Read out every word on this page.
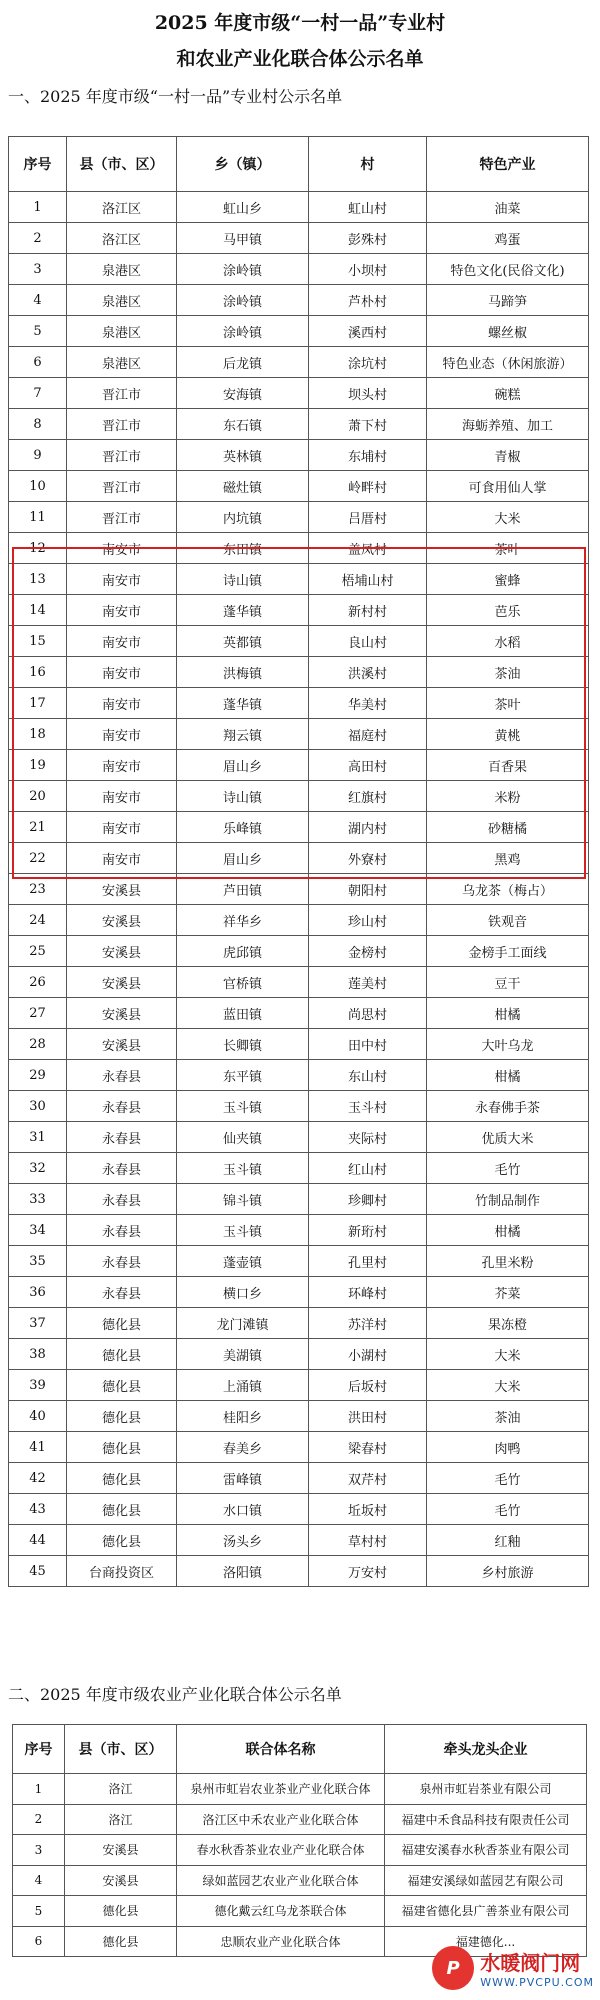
2025 年度市级“一村一品”专业村
和农业产业化联合体公示名单
一、2025 年度市级“一村一品”专业村公示名单
序号	县（市、区）	乡（镇）	村	特色产业
1	洛江区	虹山乡	虹山村	油菜
2	洛江区	马甲镇	彭殊村	鸡蛋
3	泉港区	涂岭镇	小坝村	特色文化(民俗文化)
4	泉港区	涂岭镇	芦朴村	马蹄笋
5	泉港区	涂岭镇	溪西村	螺丝椒
6	泉港区	后龙镇	涂坑村	特色业态（休闲旅游）
7	晋江市	安海镇	坝头村	碗糕
8	晋江市	东石镇	萧下村	海蛎养殖、加工
9	晋江市	英林镇	东埔村	青椒
10	晋江市	磁灶镇	岭畔村	可食用仙人掌
11	晋江市	内坑镇	吕厝村	大米
12	南安市	东田镇	盖凤村	茶叶
13	南安市	诗山镇	梧埔山村	蜜蜂
14	南安市	蓬华镇	新村村	芭乐
15	南安市	英都镇	良山村	水稻
16	南安市	洪梅镇	洪溪村	茶油
17	南安市	蓬华镇	华美村	茶叶
18	南安市	翔云镇	福庭村	黄桃
19	南安市	眉山乡	高田村	百香果
20	南安市	诗山镇	红旗村	米粉
21	南安市	乐峰镇	湖内村	砂糖橘
22	南安市	眉山乡	外寮村	黑鸡
23	安溪县	芦田镇	朝阳村	乌龙茶（梅占）
24	安溪县	祥华乡	珍山村	铁观音
25	安溪县	虎邱镇	金榜村	金榜手工面线
26	安溪县	官桥镇	莲美村	豆干
27	安溪县	蓝田镇	尚思村	柑橘
28	安溪县	长卿镇	田中村	大叶乌龙
29	永春县	东平镇	东山村	柑橘
30	永春县	玉斗镇	玉斗村	永春佛手茶
31	永春县	仙夹镇	夹际村	优质大米
32	永春县	玉斗镇	红山村	毛竹
33	永春县	锦斗镇	珍卿村	竹制品制作
34	永春县	玉斗镇	新珩村	柑橘
35	永春县	蓬壶镇	孔里村	孔里米粉
36	永春县	横口乡	环峰村	芥菜
37	德化县	龙门滩镇	苏洋村	果冻橙
38	德化县	美湖镇	小湖村	大米
39	德化县	上涌镇	后坂村	大米
40	德化县	桂阳乡	洪田村	茶油
41	德化县	春美乡	梁春村	肉鸭
42	德化县	雷峰镇	双芹村	毛竹
43	德化县	水口镇	坵坂村	毛竹
44	德化县	汤头乡	草村村	红釉
45	台商投资区	洛阳镇	万安村	乡村旅游
二、2025 年度市级农业产业化联合体公示名单
序号	县（市、区）	联合体名称	牵头龙头企业
1	洛江	泉州市虹岩农业茶业产业化联合体	泉州市虹岩茶业有限公司
2	洛江	洛江区中禾农业产业化联合体	福建中禾食品科技有限责任公司
3	安溪县	春水秋香茶业农业产业化联合体	福建安溪春水秋香茶业有限公司
4	安溪县	绿如蓝园艺农业产业化联合体	福建安溪绿如蓝园艺有限公司
5	德化县	德化戴云红乌龙茶联合体	福建省德化县广善茶业有限公司
6	德化县	忠顺农业产业化联合体	福建德化...
P	水暖阀门网
WWW.PVCPU.COM
